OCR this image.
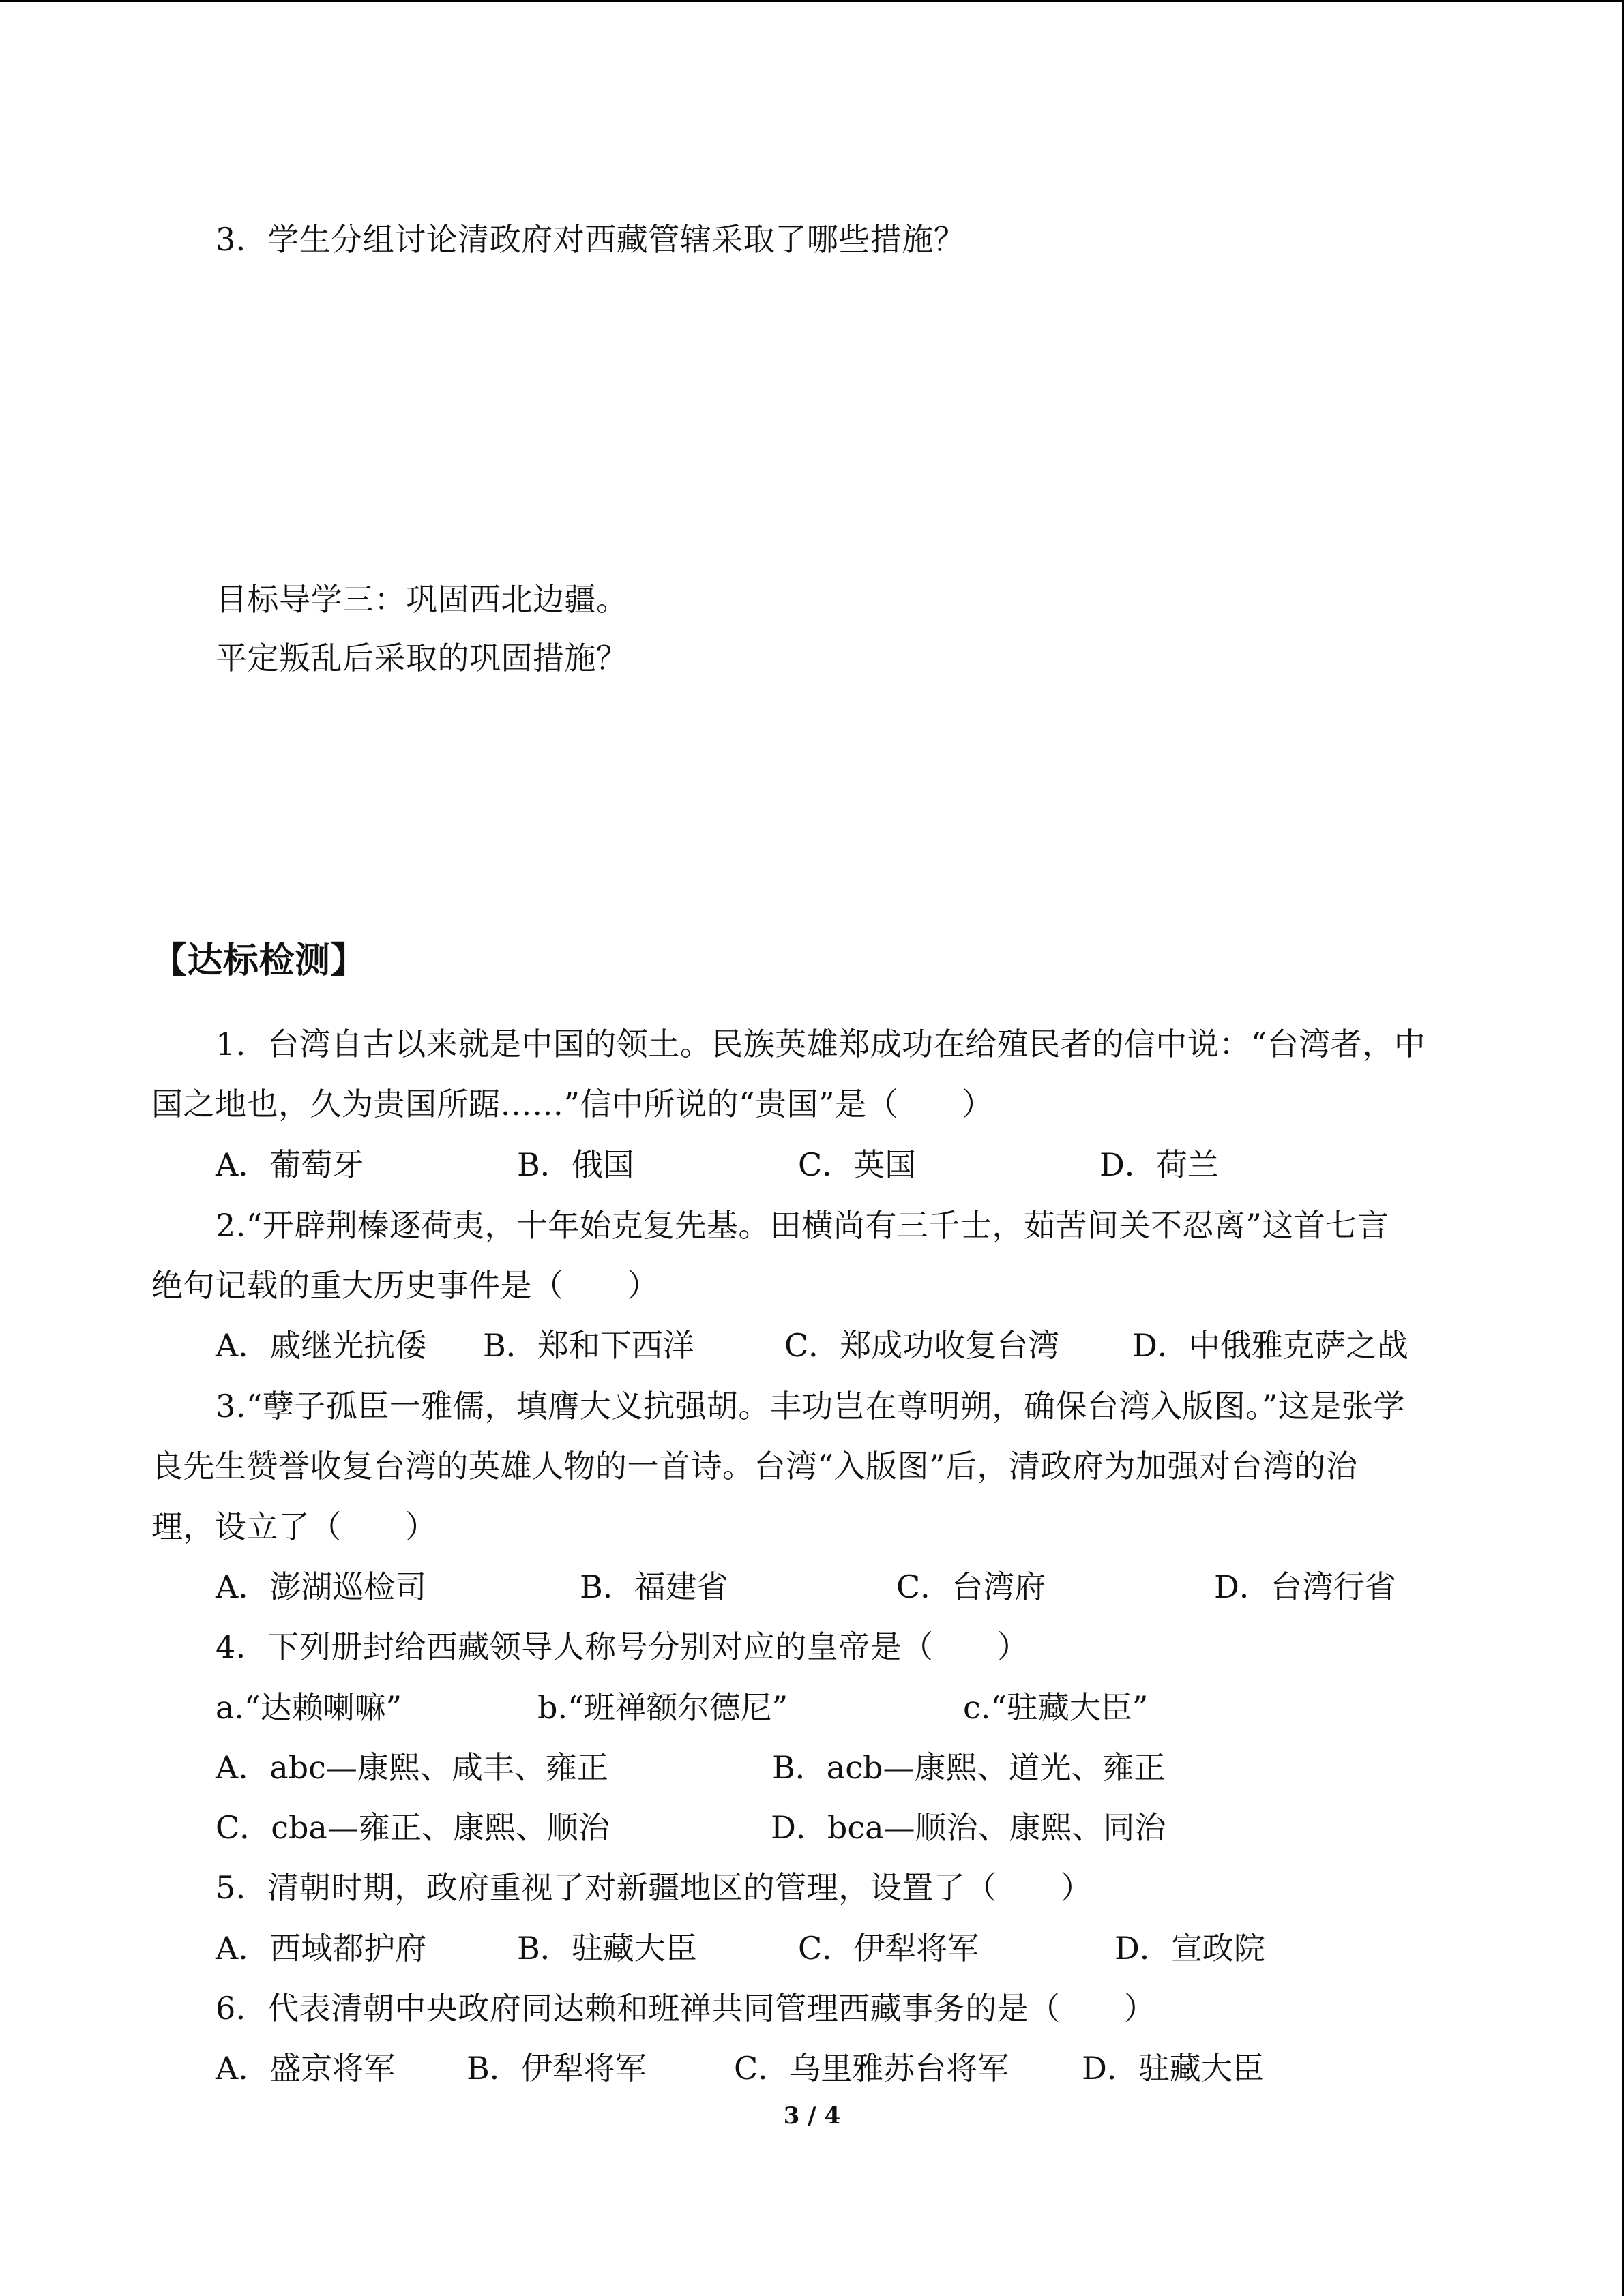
3．学生分组讨论清政府对西藏管辖采取了哪些措施？
目标导学三：巩固西北边疆。
平定叛乱后采取的巩固措施？
【达标检测】
1．台湾自古以来就是中国的领土。民族英雄郑成功在给殖民者的信中说：“台湾者，中
国之地也，久为贵国所踞……”信中所说的“贵国”是（　　）
A．葡萄牙	B．俄国	C．英国	D．荷兰
2.“开辟荆榛逐荷夷，十年始克复先基。田横尚有三千士，茹苦间关不忍离”这首七言
绝句记载的重大历史事件是（　　）
A．戚继光抗倭 B．郑和下西洋	C．郑成功收复台湾 D．中俄雅克萨之战
3.“孽子孤臣一雅儒，填膺大义抗强胡。丰功岂在尊明朔，确保台湾入版图。”这是张学
良先生赞誉收复台湾的英雄人物的一首诗。台湾“入版图”后，清政府为加强对台湾的治
理，设立了（　　）
A．澎湖巡检司	B．福建省	C．台湾府	D．台湾行省
4．下列册封给西藏领导人称号分别对应的皇帝是（　　）
a.“达赖喇嘛”	b.“班禅额尔德尼”	c.“驻藏大臣”
A．abc—康熙、咸丰、雍正	B．acb—康熙、道光、雍正
C．cba—雍正、康熙、顺治	D．bca—顺治、康熙、同治
5．清朝时期，政府重视了对新疆地区的管理，设置了（　　）
A．西域都护府	B．驻藏大臣	C．伊犁将军	D．宣政院
6．代表清朝中央政府同达赖和班禅共同管理西藏事务的是（　　）
A．盛京将军 B．伊犁将军	C．乌里雅苏台将军 D．驻藏大臣
3 / 4
